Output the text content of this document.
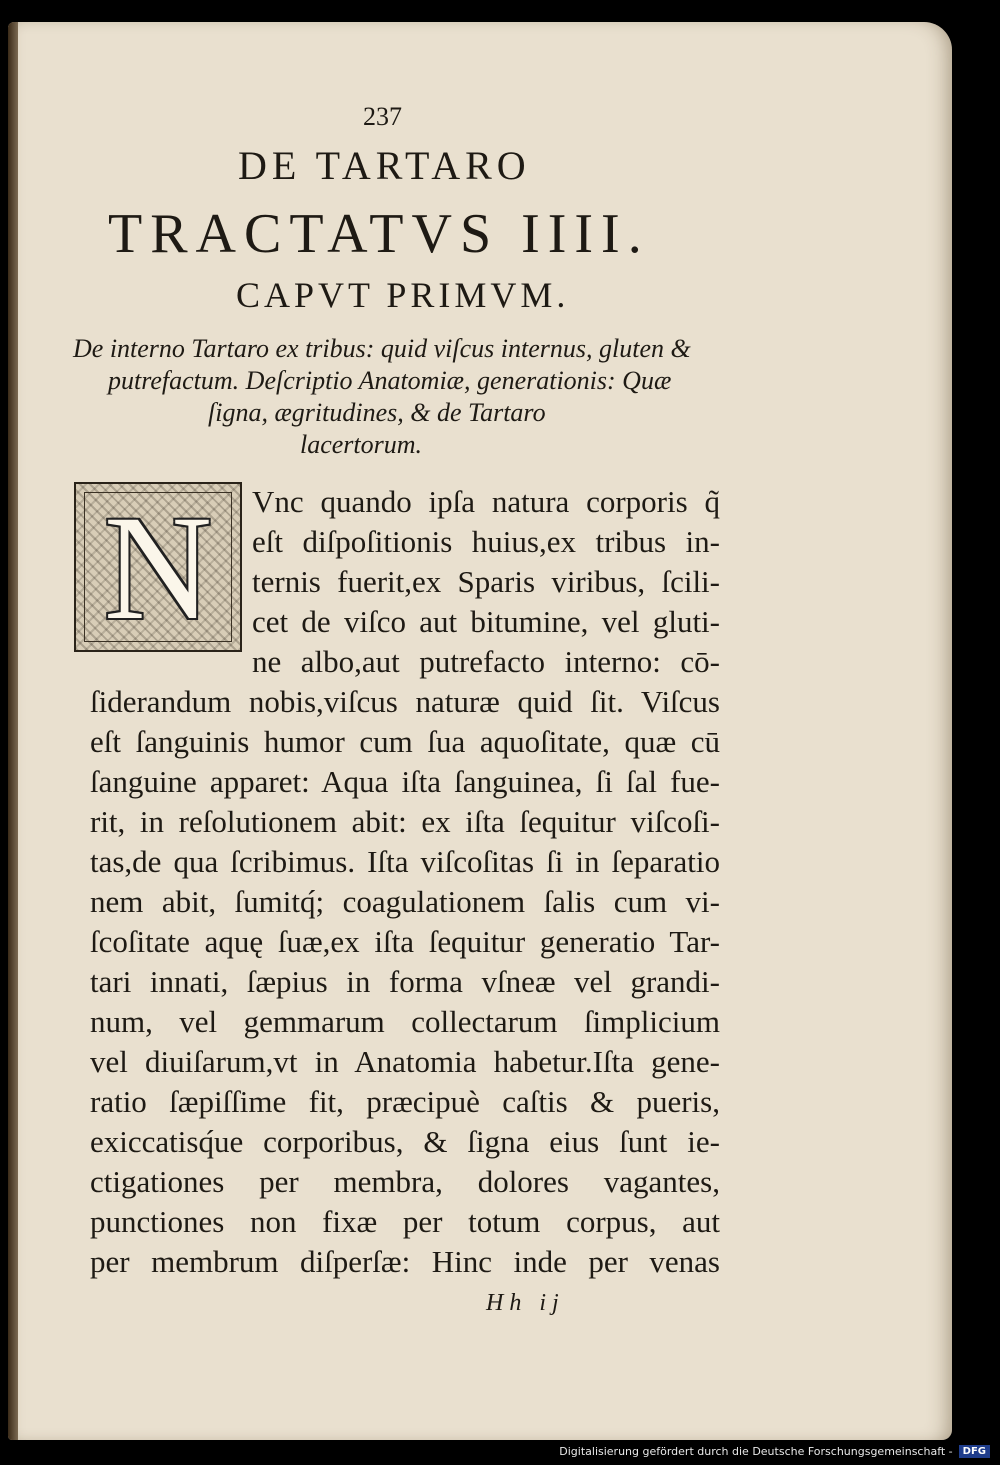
237
DE TARTARO
TRACTATVS IIII.
CAPVT PRIMVM.
De interno Tartaro ex tribus: quid viſcus internus, gluten &
putrefactum. Deſcriptio Anatomiæ, generationis: Quæ
ſigna, ægritudines, & de Tartaro
lacertorum.
N	Vnc quando ipſa natura corporis q̃
eſt diſpoſitionis huius,ex tribus in-
ternis fuerit,ex Sparis viribus, ſcili-
cet de viſco aut bitumine, vel gluti-
ne albo,aut putrefacto interno: cō-
ſiderandum nobis,viſcus naturæ quid ſit. Viſcus
eſt ſanguinis humor cum ſua aquoſitate, quæ cū
ſanguine apparet: Aqua iſta ſanguinea, ſi ſal fue-
rit, in reſolutionem abit: ex iſta ſequitur viſcoſi-
tas,de qua ſcribimus. Iſta viſcoſitas ſi in ſeparatio
nem abit, ſumitq́; coagulationem ſalis cum vi-
ſcoſitate aquę ſuæ,ex iſta ſequitur generatio Tar-
tari innati, ſæpius in forma vſneæ vel grandi-
num, vel gemmarum collectarum ſimplicium
vel diuiſarum,vt in Anatomia habetur.Iſta gene-
ratio ſæpiſſime fit, præcipuè caſtis & pueris,
exiccatisq́ue corporibus, & ſigna eius ſunt ie-
ctigationes per membra, dolores vagantes,
punctiones non fixæ per totum corpus, aut
per membrum diſperſæ: Hinc inde per venas
Hh ij
Digitalisierung gefördert durch die Deutsche Forschungsgemeinschaft -	DFG
